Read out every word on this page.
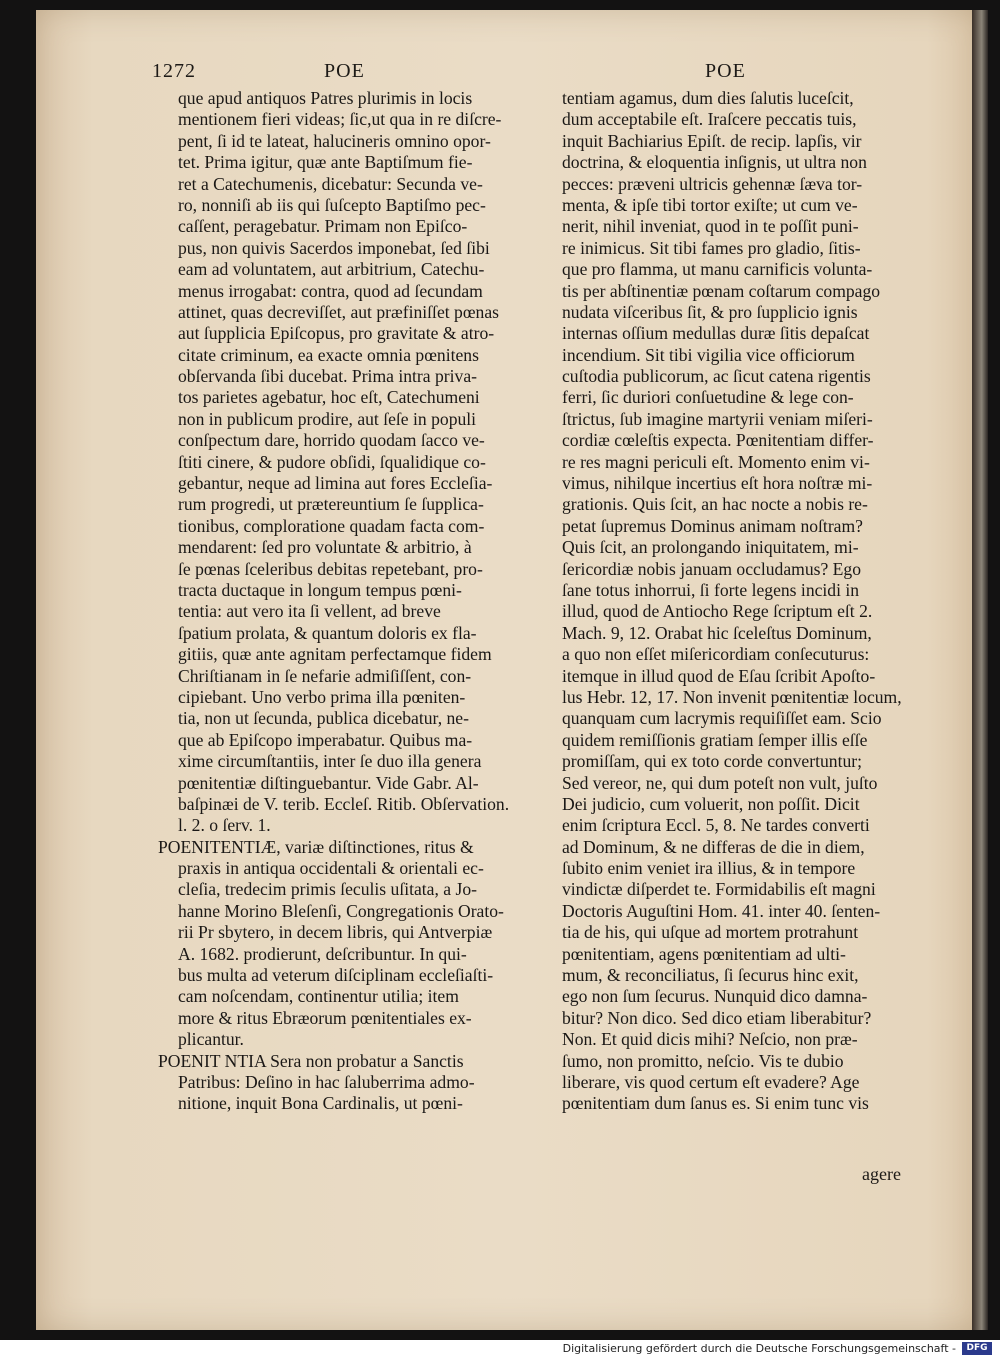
1272	POE	POE
que apud antiquos Patres plurimis in locis
mentionem fieri videas; ſic,ut qua in re diſcre-
pent, ſi id te lateat, halucineris omnino opor-
tet. Prima igitur, quæ ante Baptiſmum fie-
ret a Catechumenis, dicebatur: Secunda ve-
ro, nonniſi ab iis qui ſuſcepto Baptiſmo pec-
caſſent, peragebatur. Primam non Epiſco-
pus, non quivis Sacerdos imponebat, ſed ſibi
eam ad voluntatem, aut arbitrium, Catechu-
menus irrogabat: contra, quod ad ſecundam
attinet, quas decreviſſet, aut præfiniſſet pœnas
aut ſupplicia Epiſcopus, pro gravitate & atro-
citate criminum, ea exacte omnia pœnitens
obſervanda ſibi ducebat. Prima intra priva-
tos parietes agebatur, hoc eſt, Catechumeni
non in publicum prodire, aut ſeſe in populi
conſpectum dare, horrido quodam ſacco ve-
ſtiti cinere, & pudore obſidi, ſqualidique co-
gebantur, neque ad limina aut fores Eccleſia-
rum progredi, ut prætereuntium ſe ſupplica-
tionibus, comploratione quadam facta com-
mendarent: ſed pro voluntate & arbitrio, à
ſe pœnas ſceleribus debitas repetebant, pro-
tracta ductaque in longum tempus pœni-
tentia: aut vero ita ſi vellent, ad breve
ſpatium prolata, & quantum doloris ex fla-
gitiis, quæ ante agnitam perfectamque fidem
Chriſtianam in ſe nefarie admiſiſſent, con-
cipiebant. Uno verbo prima illa pœniten-
tia, non ut ſecunda, publica dicebatur, ne-
que ab Epiſcopo imperabatur. Quibus ma-
xime circumſtantiis, inter ſe duo illa genera
pœnitentiæ diſtinguebantur. Vide Gabr. Al-
baſpinæi de V. terib. Eccleſ. Ritib. Obſervation.
l. 2. o ſerv. 1.
POENITENTIÆ, variæ diſtinctiones, ritus &
praxis in antiqua occidentali & orientali ec-
cleſia, tredecim primis ſeculis uſitata, a Jo-
hanne Morino Bleſenſi, Congregationis Orato-
rii Pr sbytero, in decem libris, qui Antverpiæ
A. 1682. prodierunt, deſcribuntur. In qui-
bus multa ad veterum diſciplinam eccleſiaſti-
cam noſcendam, continentur utilia; item
more & ritus Ebræorum pœnitentiales ex-
plicantur.
POENIT NTIA Sera non probatur a Sanctis
Patribus: Deſino in hac ſaluberrima admo-
nitione, inquit Bona Cardinalis, ut pœni-
tentiam agamus, dum dies ſalutis luceſcit,
dum acceptabile eſt. Iraſcere peccatis tuis,
inquit Bachiarius Epiſt. de recip. lapſis, vir
doctrina, & eloquentia inſignis, ut ultra non
pecces: præveni ultricis gehennæ ſæva tor-
menta, & ipſe tibi tortor exiſte; ut cum ve-
nerit, nihil inveniat, quod in te poſſit puni-
re inimicus. Sit tibi fames pro gladio, ſitis-
que pro flamma, ut manu carnificis volunta-
tis per abſtinentiæ pœnam coſtarum compago
nudata viſceribus ſit, & pro ſupplicio ignis
internas oſſium medullas duræ ſitis depaſcat
incendium. Sit tibi vigilia vice officiorum
cuſtodia publicorum, ac ſicut catena rigentis
ferri, ſic duriori conſuetudine & lege con-
ſtrictus, ſub imagine martyrii veniam miſeri-
cordiæ cœleſtis expecta. Pœnitentiam differ-
re res magni periculi eſt. Momento enim vi-
vimus, nihilque incertius eſt hora noſtræ mi-
grationis. Quis ſcit, an hac nocte a nobis re-
petat ſupremus Dominus animam noſtram?
Quis ſcit, an prolongando iniquitatem, mi-
ſericordiæ nobis januam occludamus? Ego
ſane totus inhorrui, ſi forte legens incidi in
illud, quod de Antiocho Rege ſcriptum eſt 2.
Mach. 9, 12. Orabat hic ſceleſtus Dominum,
a quo non eſſet miſericordiam conſecuturus:
itemque in illud quod de Eſau ſcribit Apoſto-
lus Hebr. 12, 17. Non invenit pœnitentiæ locum,
quanquam cum lacrymis requiſiſſet eam. Scio
quidem remiſſionis gratiam ſemper illis eſſe
promiſſam, qui ex toto corde convertuntur;
Sed vereor, ne, qui dum poteſt non vult, juſto
Dei judicio, cum voluerit, non poſſit. Dicit
enim ſcriptura Eccl. 5, 8. Ne tardes converti
ad Dominum, & ne differas de die in diem,
ſubito enim veniet ira illius, & in tempore
vindictæ diſperdet te. Formidabilis eſt magni
Doctoris Auguſtini Hom. 41. inter 40. ſenten-
tia de his, qui uſque ad mortem protrahunt
pœnitentiam, agens pœnitentiam ad ulti-
mum, & reconciliatus, ſi ſecurus hinc exit,
ego non ſum ſecurus. Nunquid dico damna-
bitur? Non dico. Sed dico etiam liberabitur?
Non. Et quid dicis mihi? Neſcio, non præ-
ſumo, non promitto, neſcio. Vis te dubio
liberare, vis quod certum eſt evadere? Age
pœnitentiam dum ſanus es. Si enim tunc vis
agere
Digitalisierung gefördert durch die Deutsche Forschungsgemeinschaft -	DFG
